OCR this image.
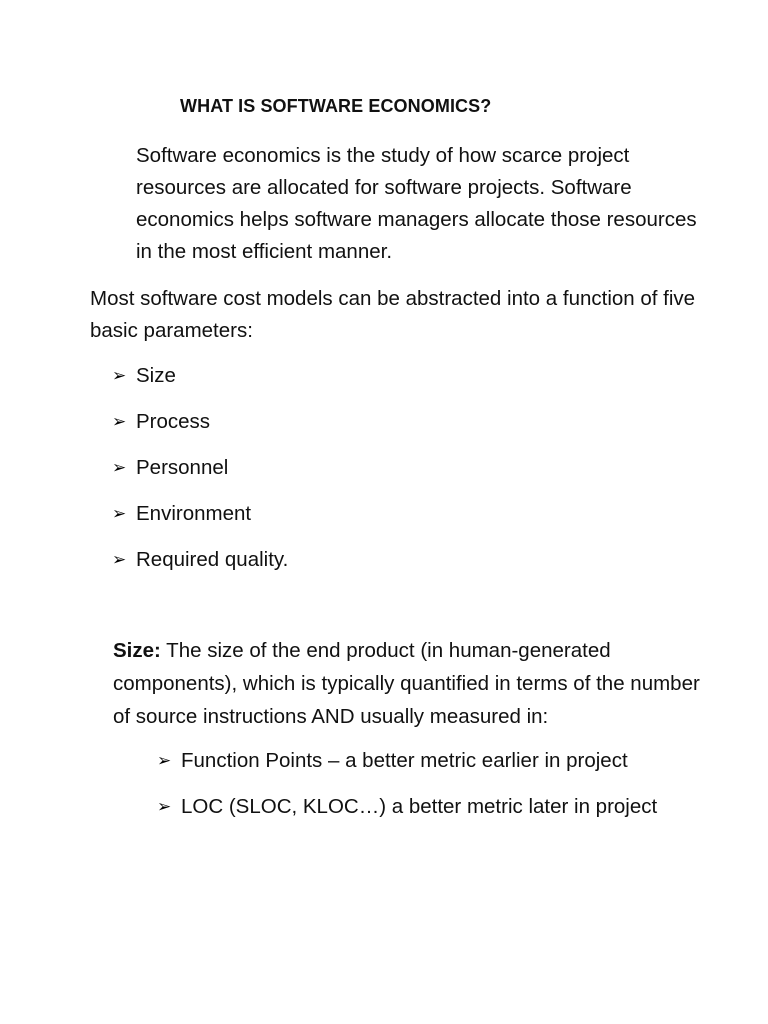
WHAT IS SOFTWARE ECONOMICS?

Software economics is the study of how scarce project resources are allocated for software projects. Software economics helps software managers allocate those resources in the most efficient manner.

Most software cost models can be abstracted into a function of five basic parameters:

➢ Size
➢ Process
➢ Personnel
➢ Environment
➢ Required quality.

Size: The size of the end product (in human-generated components), which is typically quantified in terms of the number of source instructions AND usually measured in:

➢ Function Points – a better metric earlier in project
➢ LOC (SLOC, KLOC…) a better metric later in project
